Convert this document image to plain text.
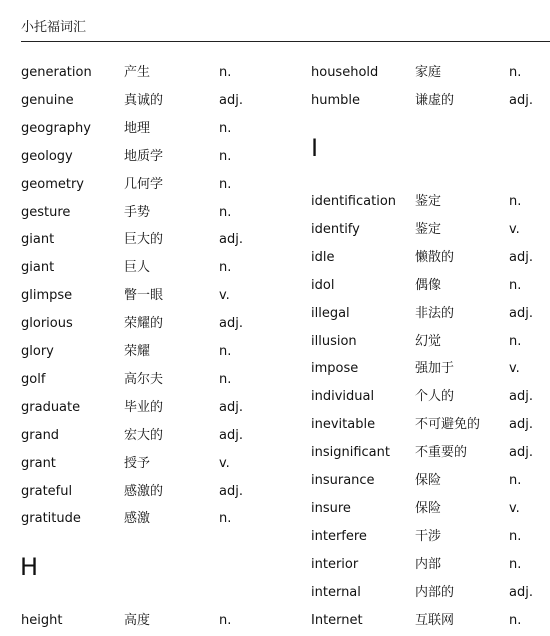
小托福词汇
generation 产生	n.
genuine	真诚的	adj.
geography	地理	n.
geology	地质学	n.
geometry	几何学	n.
gesture	手势	n.
giant	巨大的	adj.
giant	巨人	n.
glimpse	瞥一眼	v.
glorious	荣耀的	adj.
glory	荣耀	n.
golf	高尔夫	n.
graduate	毕业的	adj.
grand	宏大的	adj.
grant	授予	v.
grateful	感激的	adj.
gratitude	感激	n.
H
height	高度	n.
household	家庭	n.
humble	谦虚的	adj.
I
identification 鉴定	n.
identify	鉴定	v.
idle	懒散的	adj.
idol	偶像	n.
illegal	非法的	adj.
illusion	幻觉	n.
impose	强加于	v.
individual	个人的	adj.
inevitable	不可避免的 adj.
insignificant 不重要的	adj.
insurance	保险	n.
insure	保险	v.
interfere	干涉	n.
interior	内部	n.
internal	内部的	adj.
Internet	互联网	n.
